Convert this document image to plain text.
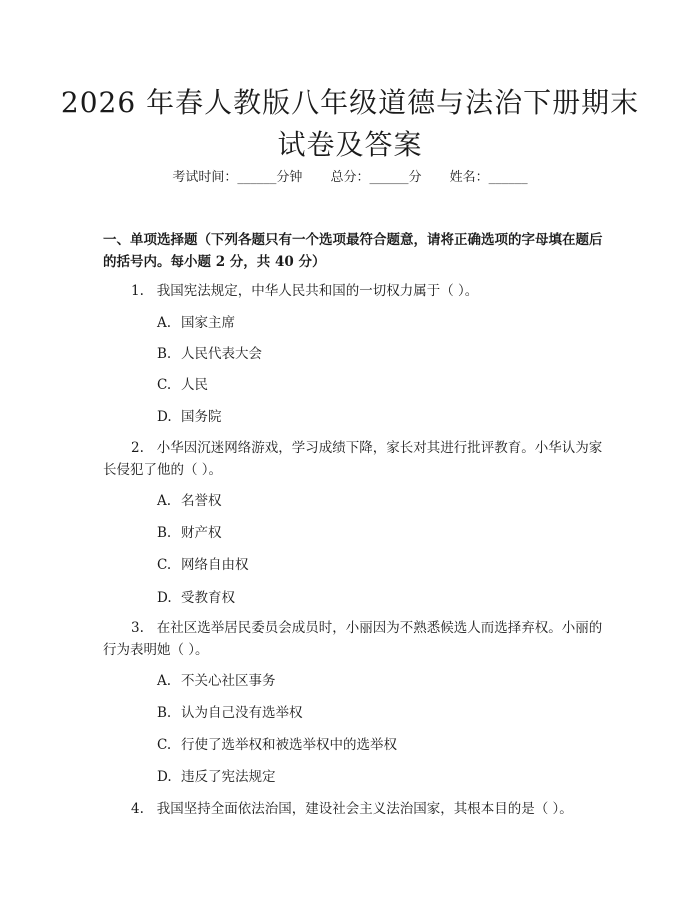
2026 年春人教版八年级道德与法治下册期末
试卷及答案
考试时间：______分钟 总分：______分 姓名：______
一、单项选择题（下列各题只有一个选项最符合题意，请将正确选项的字母填在题后的括号内。每小题 2 分，共 40 分）
1.   我国宪法规定，中华人民共和国的一切权力属于（ ）。
A. 国家主席
B. 人民代表大会
C. 人民
D. 国务院
2.   小华因沉迷网络游戏，学习成绩下降，家长对其进行批评教育。小华认为家长侵犯了他的（ ）。
A. 名誉权
B. 财产权
C. 网络自由权
D. 受教育权
3.   在社区选举居民委员会成员时，小丽因为不熟悉候选人而选择弃权。小丽的行为表明她（ ）。
A. 不关心社区事务
B. 认为自己没有选举权
C. 行使了选举权和被选举权中的选举权
D. 违反了宪法规定
4.   我国坚持全面依法治国，建设社会主义法治国家，其根本目的是（ ）。
